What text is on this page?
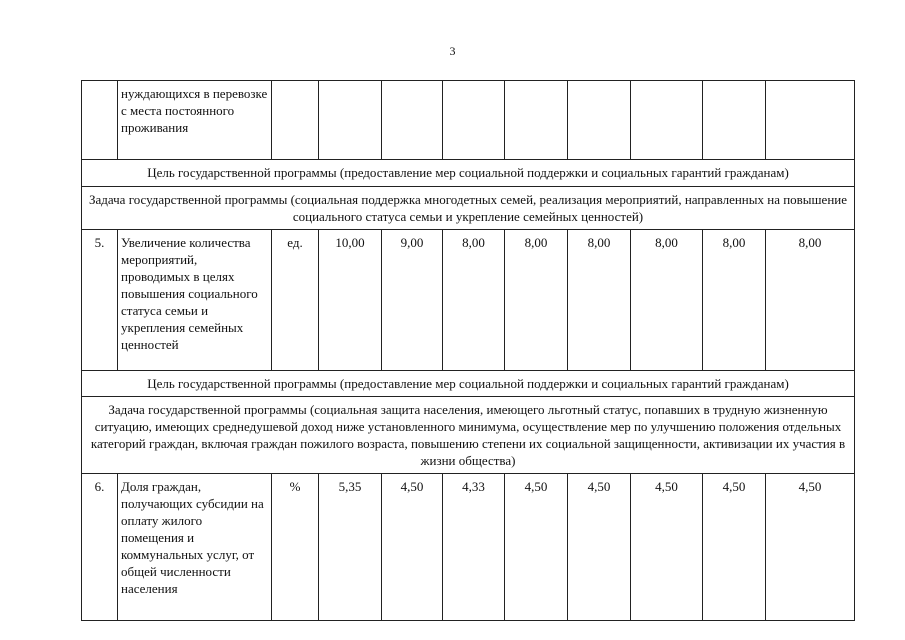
3
	нуждающихся в перевозке с места постоянного проживания									
Цель государственной программы (предоставление мер социальной поддержки и социальных гарантий гражданам)										
Задача государственной программы (социальная поддержка многодетных семей, реализация мероприятий, направленных на повышение социального статуса семьи и укрепление семейных ценностей)										
5.	Увеличение количества мероприятий, проводимых в целях повышения социального статуса семьи и укрепления семейных ценностей	ед.	10,00	9,00	8,00	8,00	8,00	8,00	8,00	8,00
Цель государственной программы (предоставление мер социальной поддержки и социальных гарантий гражданам)										
Задача государственной программы (социальная защита населения, имеющего льготный статус, попавших в трудную жизненную ситуацию, имеющих среднедушевой доход ниже установленного минимума, осуществление мер по улучшению положения отдельных категорий граждан, включая граждан пожилого возраста, повышению степени их социальной защищенности, активизации их участия в жизни общества)										
6.	Доля граждан, получающих субсидии на оплату жилого помещения и коммунальных услуг, от общей численности населения	%	5,35	4,50	4,33	4,50	4,50	4,50	4,50	4,50
